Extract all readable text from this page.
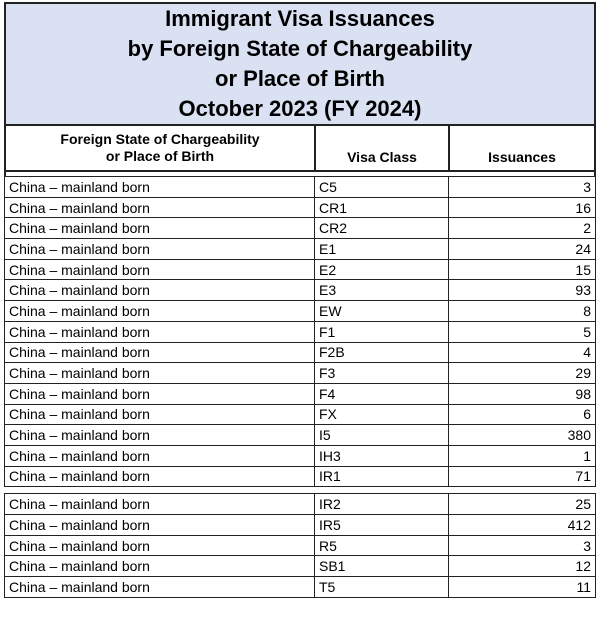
Immigrant Visa Issuances
by Foreign State of Chargeability
or Place of Birth
October 2023 (FY 2024)
Foreign State of Chargeability
or Place of Birth	Visa Class	Issuances
China – mainland born	C5	3
China – mainland born	CR1	16
China – mainland born	CR2	2
China – mainland born	E1	24
China – mainland born	E2	15
China – mainland born	E3	93
China – mainland born	EW	8
China – mainland born	F1	5
China – mainland born	F2B	4
China – mainland born	F3	29
China – mainland born	F4	98
China – mainland born	FX	6
China – mainland born	I5	380
China – mainland born	IH3	1
China – mainland born	IR1	71
China – mainland born	IR2	25
China – mainland born	IR5	412
China – mainland born	R5	3
China – mainland born	SB1	12
China – mainland born	T5	11
